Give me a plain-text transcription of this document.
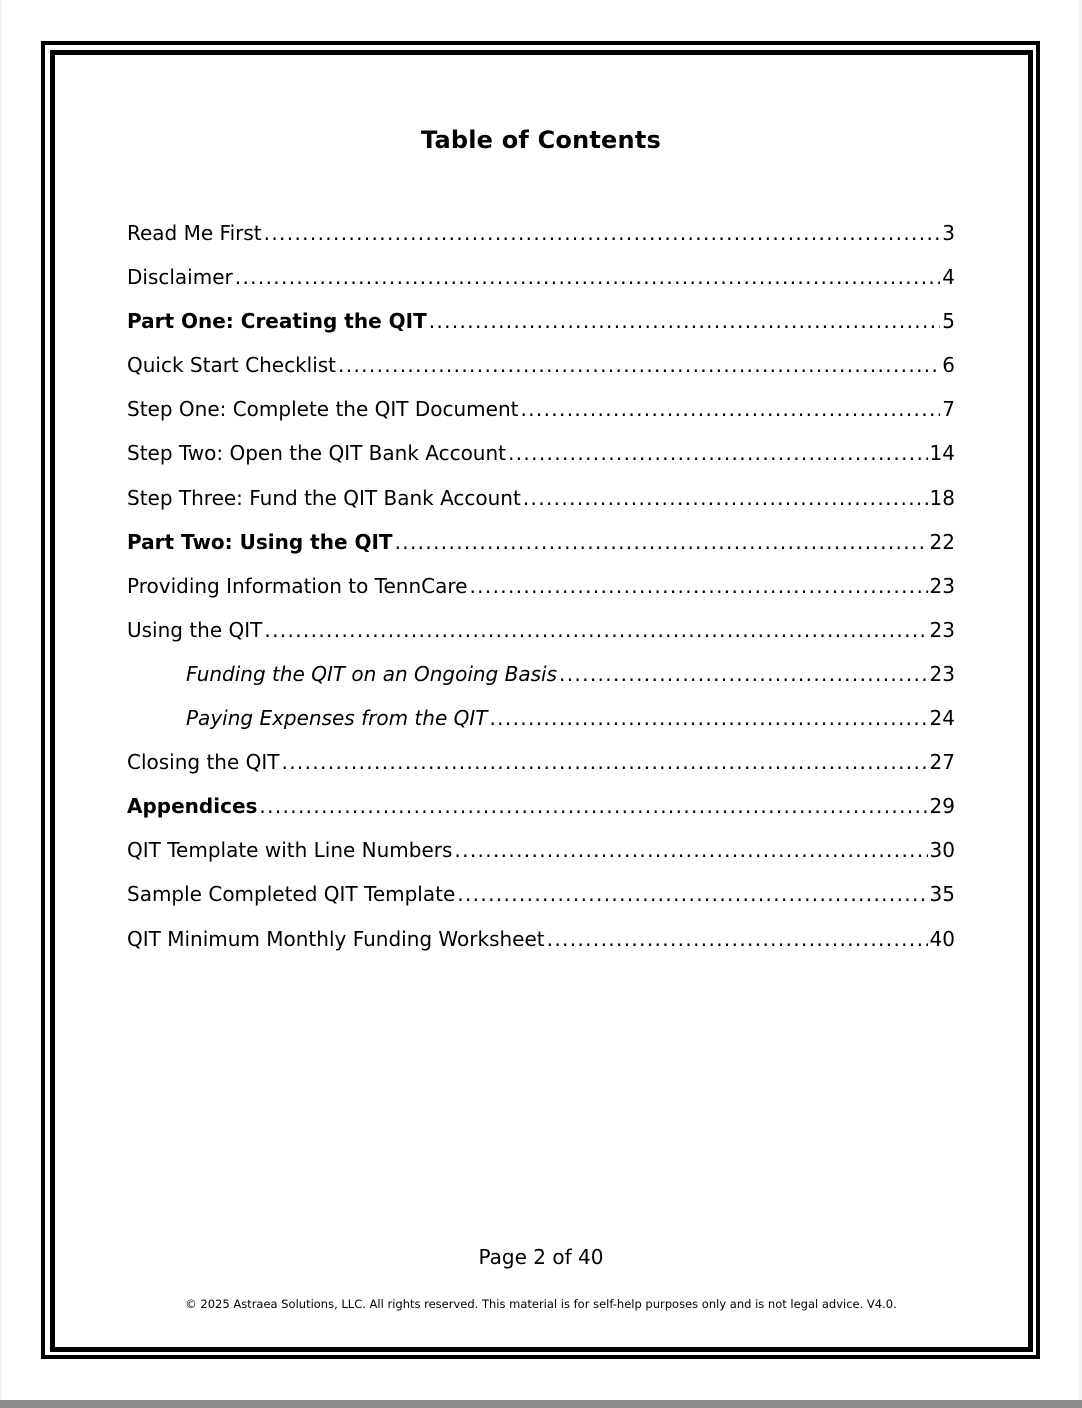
Table of Contents
Read Me First .....	3
Disclaimer .....	4
Part One: Creating the QIT .....	5
Quick Start Checklist .....	6
Step One: Complete the QIT Document .....	7
Step Two: Open the QIT Bank Account .....	14
Step Three: Fund the QIT Bank Account .....	18
Part Two: Using the QIT .....	22
Providing Information to TennCare .....	23
Using the QIT .....	23
Funding the QIT on an Ongoing Basis .....	23
Paying Expenses from the QIT .....	24
Closing the QIT .....	27
Appendices .....	29
QIT Template with Line Numbers .....	30
Sample Completed QIT Template .....	35
QIT Minimum Monthly Funding Worksheet .....	40
Page 2 of 40
© 2025 Astraea Solutions, LLC. All rights reserved. This material is for self-help purposes only and is not legal advice. V4.0.
